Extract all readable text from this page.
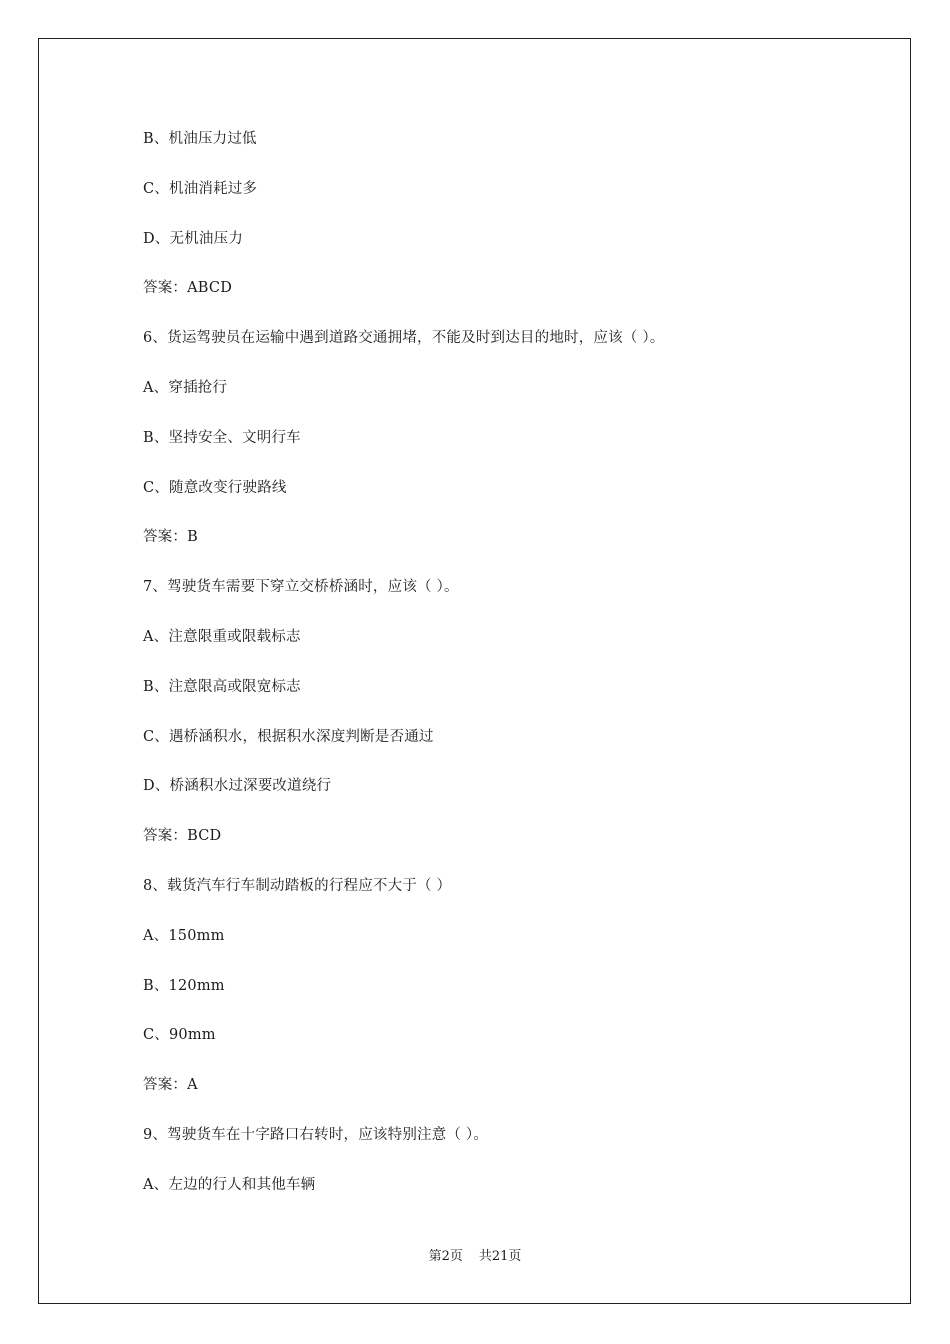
B、机油压力过低
C、机油消耗过多
D、无机油压力
答案：ABCD
6、货运驾驶员在运输中遇到道路交通拥堵，不能及时到达目的地时，应该（ ）。
A、穿插抢行
B、坚持安全、文明行车
C、随意改变行驶路线
答案：B
7、驾驶货车需要下穿立交桥桥涵时，应该（ ）。
A、注意限重或限载标志
B、注意限高或限宽标志
C、遇桥涵积水，根据积水深度判断是否通过
D、桥涵积水过深要改道绕行
答案：BCD
8、载货汽车行车制动踏板的行程应不大于（ ）
A、150mm
B、120mm
C、90mm
答案：A
9、驾驶货车在十字路口右转时，应该特别注意（ ）。
A、左边的行人和其他车辆
第2页 共21页
